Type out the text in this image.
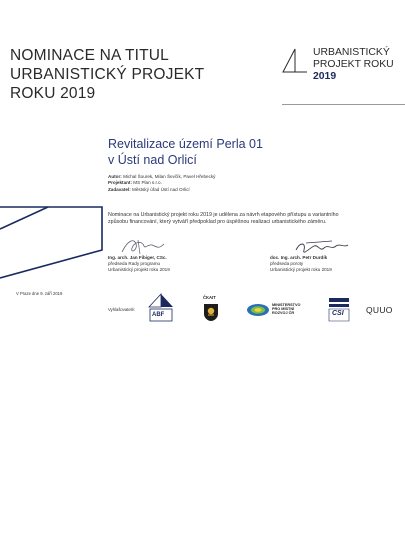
NOMINACE NA TITUL
URBANISTICKÝ PROJEKT
ROKU 2019
URBANISTICKÝ
PROJEKT ROKU
2019
Revitalizace území Perla 01
v Ústí nad Orlicí
Autor: Michal Šourek, Milan Ševčík, Pavel Hřebecký
Projektant: MS Plan s.r.o.
Zadavatel: Městský úřad Ústí nad Orlicí
Nominace na Urbanistický projekt roku 2019 je udělena za návrh etapového přístupu a variantního
způsobu financování, který vytváří předpoklad pro úspěšnou realizaci urbanistického záměru.
Ing. arch. Jan Fibiger, CSc.
předseda Rady programu
Urbanistický projekt roku 2019
doc. Ing. arch. Petr Durdík
předseda poroty
Urbanistický projekt roku 2019
V Praze dne 9. září 2019
Vyhlašovatelé:
ABF
ČKAIT
MINISTERSTVO
PRO MÍSTNÍ
ROZVOJ ČR	CSI	QUUO
